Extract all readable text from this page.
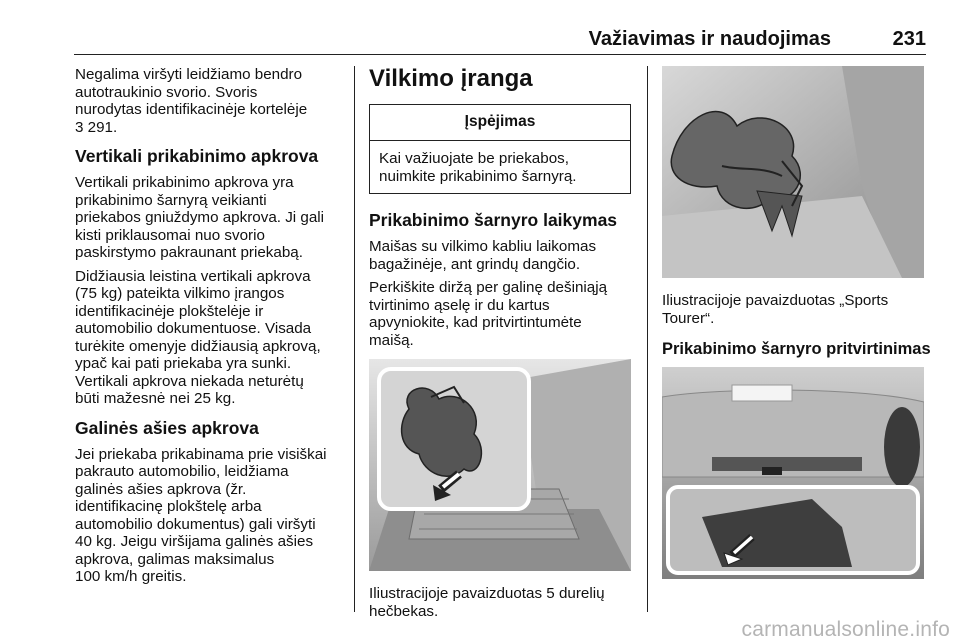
Važiavimas ir naudojimas	231

Negalima viršyti leidžiamo bendro
autotraukinio svorio. Svoris
nurodytas identifikacinėje kortelėje
3 291.

Vertikali prikabinimo apkrova

Vertikali prikabinimo apkrova yra
prikabinimo šarnyrą veikianti
priekabos gniuždymo apkrova. Ji gali
kisti priklausomai nuo svorio
paskirstymo pakraunant priekabą.

Didžiausia leistina vertikali apkrova
(75 kg) pateikta vilkimo įrangos
identifikacinėje plokštelėje ir
automobilio dokumentuose. Visada
turėkite omenyje didžiausią apkrovą,
ypač kai pati priekaba yra sunki.
Vertikali apkrova niekada neturėtų
būti mažesnė nei 25 kg.

Galinės ašies apkrova

Jei priekaba prikabinama prie visiškai
pakrauto automobilio, leidžiama
galinės ašies apkrova (žr.
identifikacinę plokštelę arba
automobilio dokumentus) gali viršyti
40 kg. Jeigu viršijama galinės ašies
apkrova, galimas maksimalus
100 km/h greitis.

Vilkimo įranga
Įspėjimas
Kai važiuojate be priekabos,
nuimkite prikabinimo šarnyrą.
Prikabinimo šarnyro laikymas

Maišas su vilkimo kabliu laikomas
bagažinėje, ant grindų dangčio.

Perkiškite diržą per galinę dešiniąją
tvirtinimo ąselę ir du kartus
apvyniokite, kad pritvirtintumėte
maišą.

Iliustracijoje pavaizduotas 5 durelių
hečbekas.

Iliustracijoje pavaizduotas „Sports
Tourer“.

Prikabinimo šarnyro pritvirtinimas
carmanualsonline.info
